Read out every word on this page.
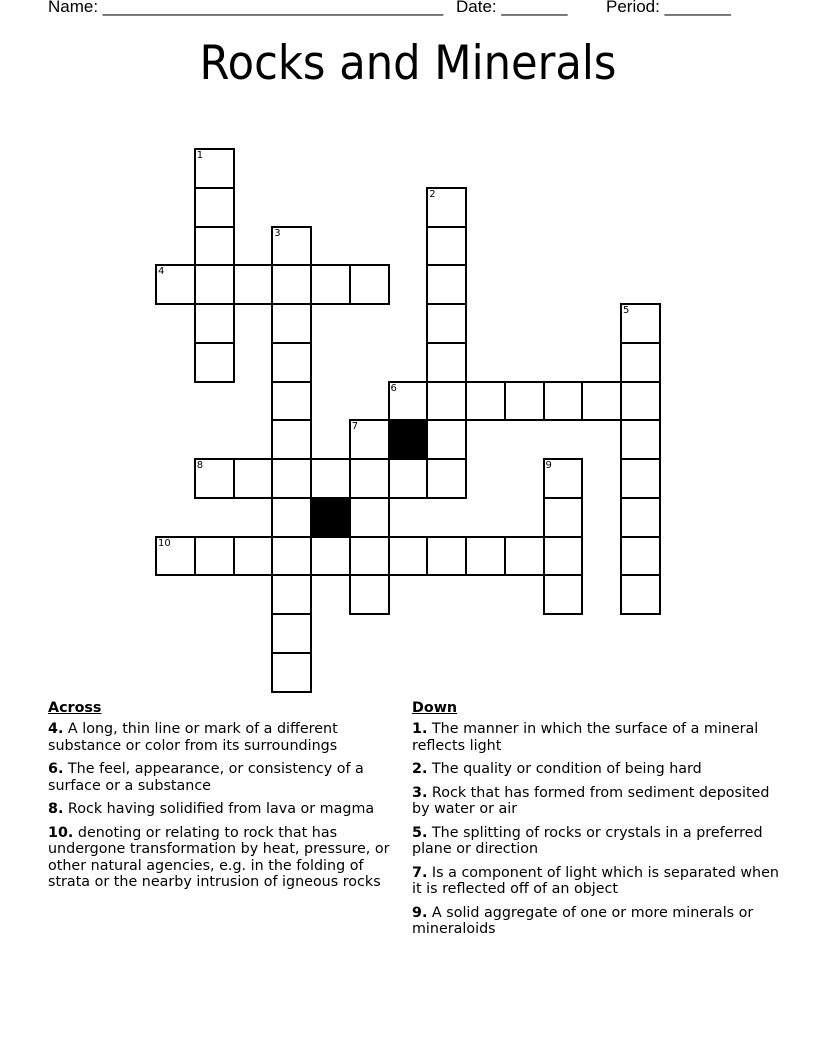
Name: ____________________________________

Date: _______

Period: _______

Rocks and Minerals
1
2
3
4
5
6
7
8	9
10
Across
4. A long, thin line or mark of a different substance or color from its surroundings
6. The feel, appearance, or consistency of a surface or a substance
8. Rock having solidified from lava or magma
10. denoting or relating to rock that has undergone transformation by heat, pressure, or other natural agencies, e.g. in the folding of strata or the nearby intrusion of igneous rocks
Down
1. The manner in which the surface of a mineral reflects light
2. The quality or condition of being hard
3. Rock that has formed from sediment deposited by water or air
5. The splitting of rocks or crystals in a preferred plane or direction
7. Is a component of light which is separated when it is reflected off of an object
9. A solid aggregate of one or more minerals or mineraloids
